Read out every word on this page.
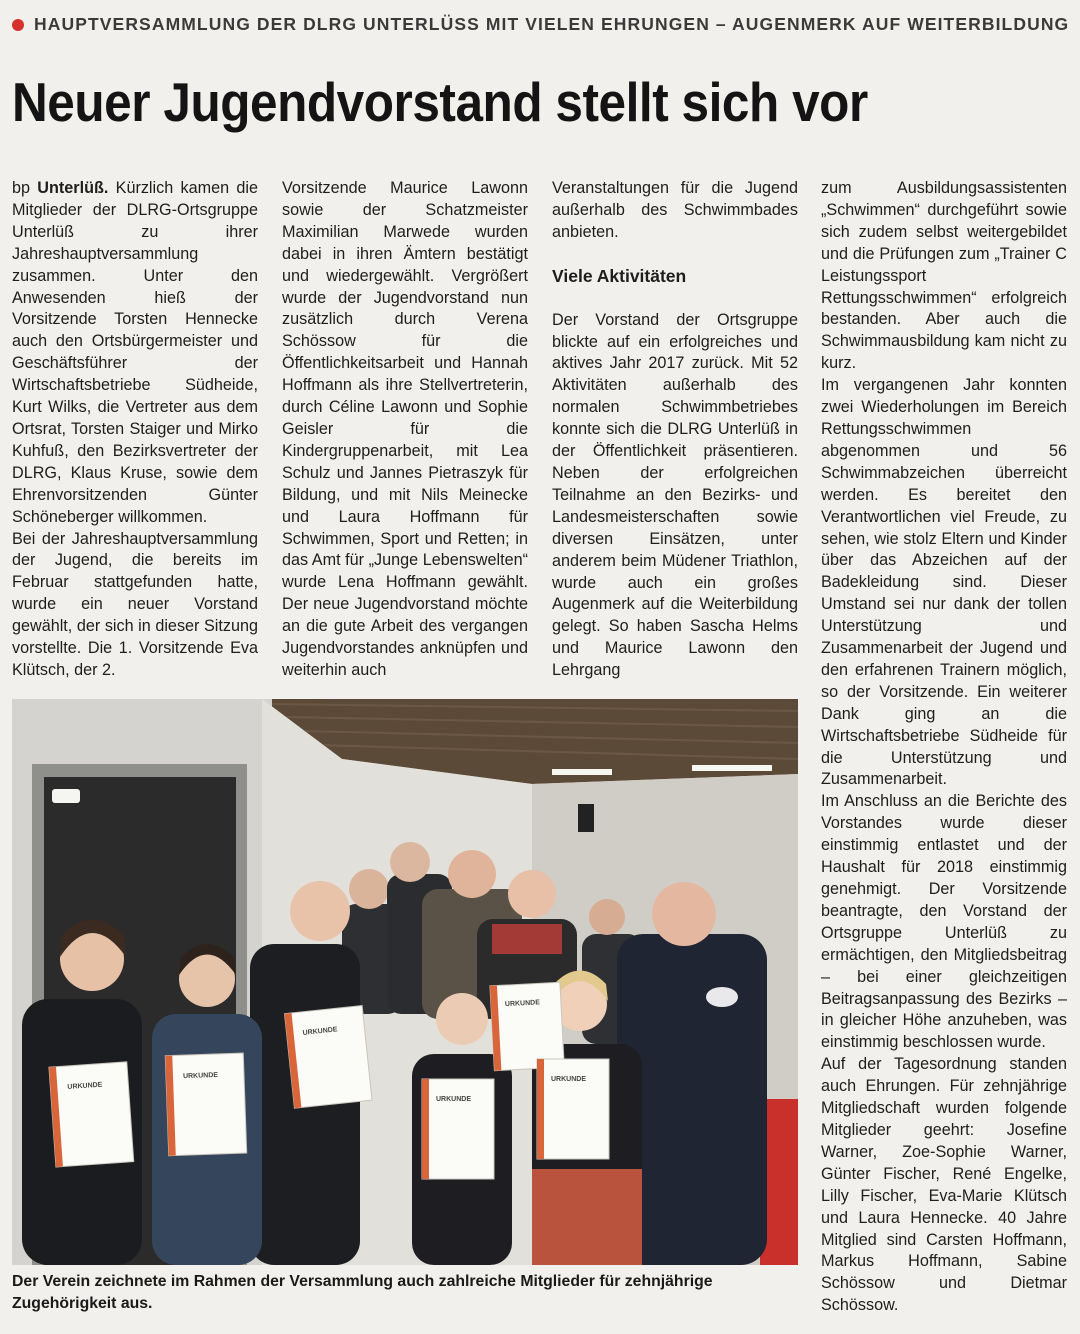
HAUPTVERSAMMLUNG DER DLRG UNTERLÜSS MIT VIELEN EHRUNGEN – AUGENMERK AUF WEITERBILDUNG
Neuer Jugendvorstand stellt sich vor

bp Unterlüß. Kürzlich kamen die Mitglieder der DLRG-Ortsgruppe Unterlüß zu ihrer Jahreshauptversammlung zusammen. Unter den Anwesenden hieß der Vorsitzende Torsten Hennecke auch den Ortsbürgermeister und Geschäftsführer der Wirtschaftsbetriebe Südheide, Kurt Wilks, die Vertreter aus dem Ortsrat, Torsten Staiger und Mirko Kuhfuß, den Bezirksvertreter der DLRG, Klaus Kruse, sowie dem Ehrenvorsitzenden Günter Schöneberger willkommen.

Bei der Jahreshauptversammlung der Jugend, die bereits im Februar stattgefunden hatte, wurde ein neuer Vorstand gewählt, der sich in dieser Sitzung vorstellte. Die 1. Vorsitzende Eva Klütsch, der 2.

Vorsitzende Maurice Lawonn sowie der Schatzmeister Maximilian Marwede wurden dabei in ihren Ämtern bestätigt und wiedergewählt. Vergrößert wurde der Jugendvorstand nun zusätzlich durch Verena Schössow für die Öffentlichkeitsarbeit und Hannah Hoffmann als ihre Stellvertreterin, durch Céline Lawonn und Sophie Geisler für die Kindergruppenarbeit, mit Lea Schulz und Jannes Pietraszyk für Bildung, und mit Nils Meinecke und Laura Hoffmann für Schwimmen, Sport und Retten; in das Amt für „Junge Lebenswelten“ wurde Lena Hoffmann gewählt. Der neue Jugendvorstand möchte an die gute Arbeit des vergangen Jugendvorstandes anknüpfen und weiterhin auch

Veranstaltungen für die Jugend außerhalb des Schwimmbades anbieten.

Viele Aktivitäten

Der Vorstand der Ortsgruppe blickte auf ein erfolgreiches und aktives Jahr 2017 zurück. Mit 52 Aktivitäten außerhalb des normalen Schwimmbetriebes konnte sich die DLRG Unterlüß in der Öffentlichkeit präsentieren. Neben der erfolgreichen Teilnahme an den Bezirks- und Landesmeisterschaften sowie diversen Einsätzen, unter anderem beim Müdener Triathlon, wurde auch ein großes Augenmerk auf die Weiterbildung gelegt. So haben Sascha Helms und Maurice Lawonn den Lehrgang

zum Ausbildungsassistenten „Schwimmen“ durchgeführt sowie sich zudem selbst weitergebildet und die Prüfungen zum „Trainer C Leistungssport Rettungsschwimmen“ erfolgreich bestanden. Aber auch die Schwimmausbildung kam nicht zu kurz.

Im vergangenen Jahr konnten zwei Wiederholungen im Bereich Rettungsschwimmen abgenommen und 56 Schwimmabzeichen überreicht werden. Es bereitet den Verantwortlichen viel Freude, zu sehen, wie stolz Eltern und Kinder über das Abzeichen auf der Badekleidung sind. Dieser Umstand sei nur dank der tollen Unterstützung und Zusammenarbeit der Jugend und den erfahrenen Trainern möglich, so der Vorsitzende. Ein weiterer Dank ging an die Wirtschaftsbetriebe Südheide für die Unterstützung und Zusammenarbeit.

Im Anschluss an die Berichte des Vorstandes wurde dieser einstimmig entlastet und der Haushalt für 2018 einstimmig genehmigt. Der Vorsitzende beantragte, den Vorstand der Ortsgruppe Unterlüß zu ermächtigen, den Mitgliedsbeitrag – bei einer gleichzeitigen Beitragsanpassung des Bezirks – in gleicher Höhe anzuheben, was einstimmig beschlossen wurde.

Auf der Tagesordnung standen auch Ehrungen. Für zehnjährige Mitgliedschaft wurden folgende Mitglieder geehrt: Josefine Warner, Zoe-Sophie Warner, Günter Fischer, René Engelke, Lilly Fischer, Eva-Marie Klütsch und Laura Hennecke. 40 Jahre Mitglied sind Carsten Hoffmann, Markus Hoffmann, Sabine Schössow und Dietmar Schössow.

URKUNDE
URKUNDE
URKUNDE
URKUNDE
URKUNDE
URKUNDE
Der Verein zeichnete im Rahmen der Versammlung auch zahlreiche Mitglieder für zehnjährige Zugehörigkeit aus.
